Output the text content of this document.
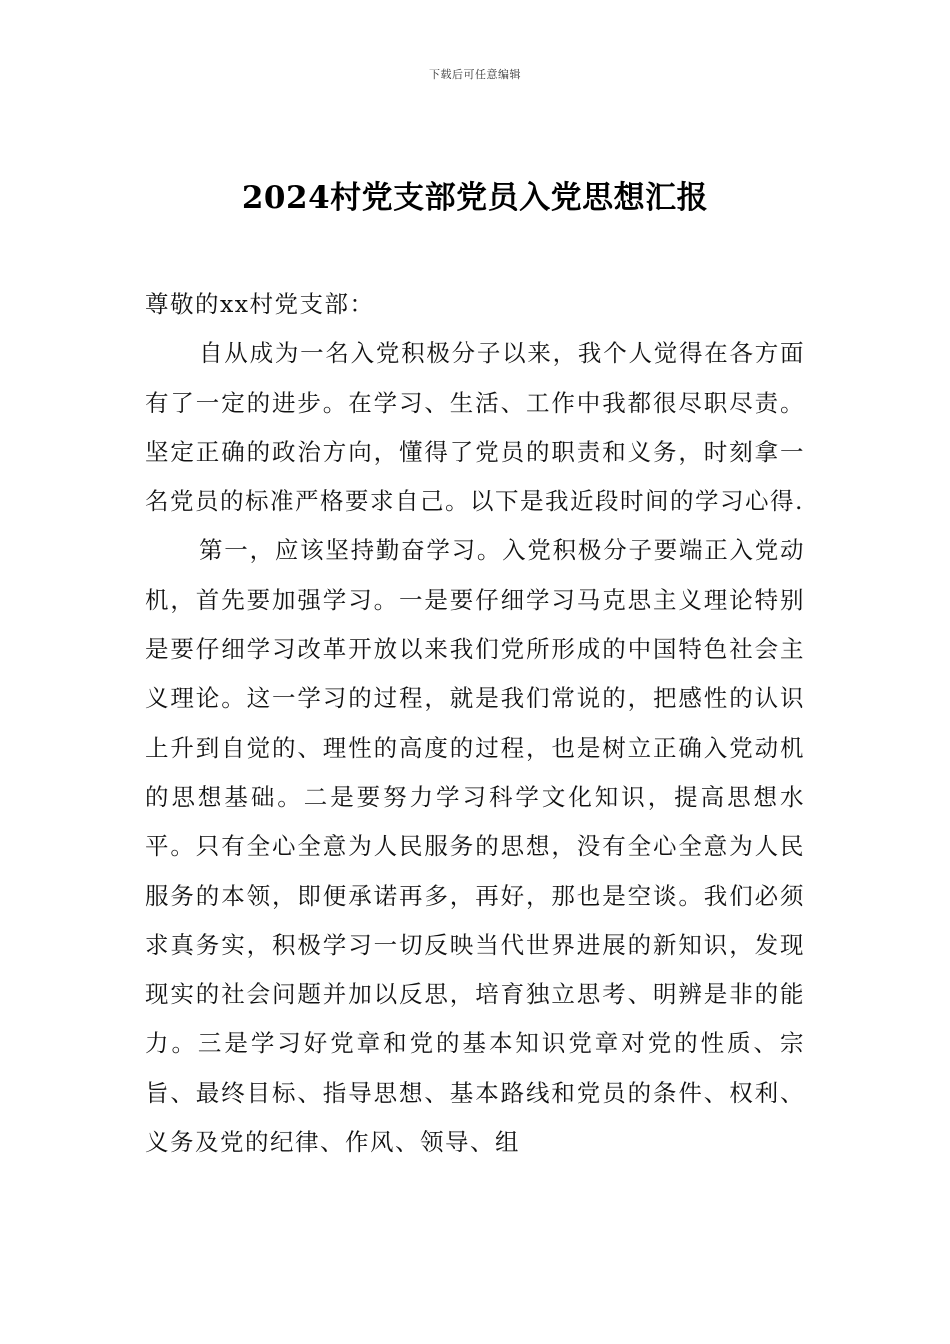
下载后可任意编辑
2024村党支部党员入党思想汇报

尊敬的xx村党支部：

自从成为一名入党积极分子以来，我个人觉得在各方面有了一定的进步。在学习、生活、工作中我都很尽职尽责。坚定正确的政治方向，懂得了党员的职责和义务，时刻拿一名党员的标准严格要求自己。以下是我近段时间的学习心得.

第一，应该坚持勤奋学习。入党积极分子要端正入党动机，首先要加强学习。一是要仔细学习马克思主义理论特别是要仔细学习改革开放以来我们党所形成的中国特色社会主义理论。这一学习的过程，就是我们常说的，把感性的认识上升到自觉的、理性的高度的过程，也是树立正确入党动机的思想基础。二是要努力学习科学文化知识，提高思想水平。只有全心全意为人民服务的思想，没有全心全意为人民服务的本领，即便承诺再多，再好，那也是空谈。我们必须求真务实，积极学习一切反映当代世界进展的新知识，发现现实的社会问题并加以反思，培育独立思考、明辨是非的能力。三是学习好党章和党的基本知识党章对党的性质、宗旨、最终目标、指导思想、基本路线和党员的条件、权利、义务及党的纪律、作风、领导、组
